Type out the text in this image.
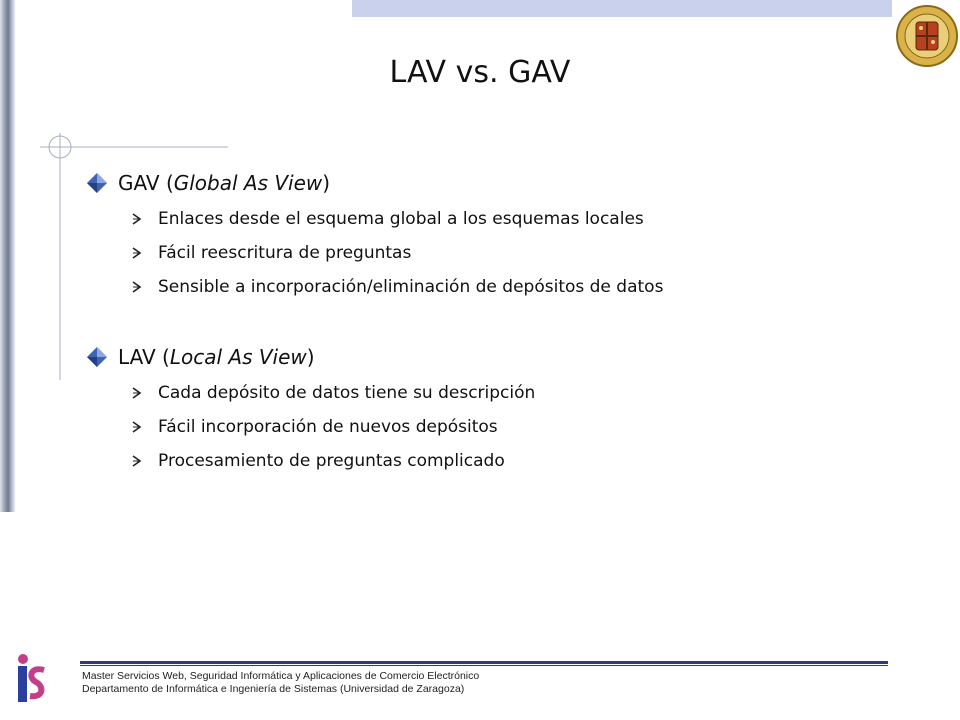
LAV vs. GAV
GAV (Global As View)
Enlaces desde el esquema global a los esquemas locales
Fácil reescritura de preguntas
Sensible a incorporación/eliminación de depósitos de datos
LAV (Local As View)
Cada depósito de datos tiene su descripción
Fácil incorporación de nuevos depósitos
Procesamiento de preguntas complicado
Master Servicios Web, Seguridad Informática y Aplicaciones de Comercio Electrónico
Departamento de Informática e Ingeniería de Sistemas (Universidad de Zaragoza)
